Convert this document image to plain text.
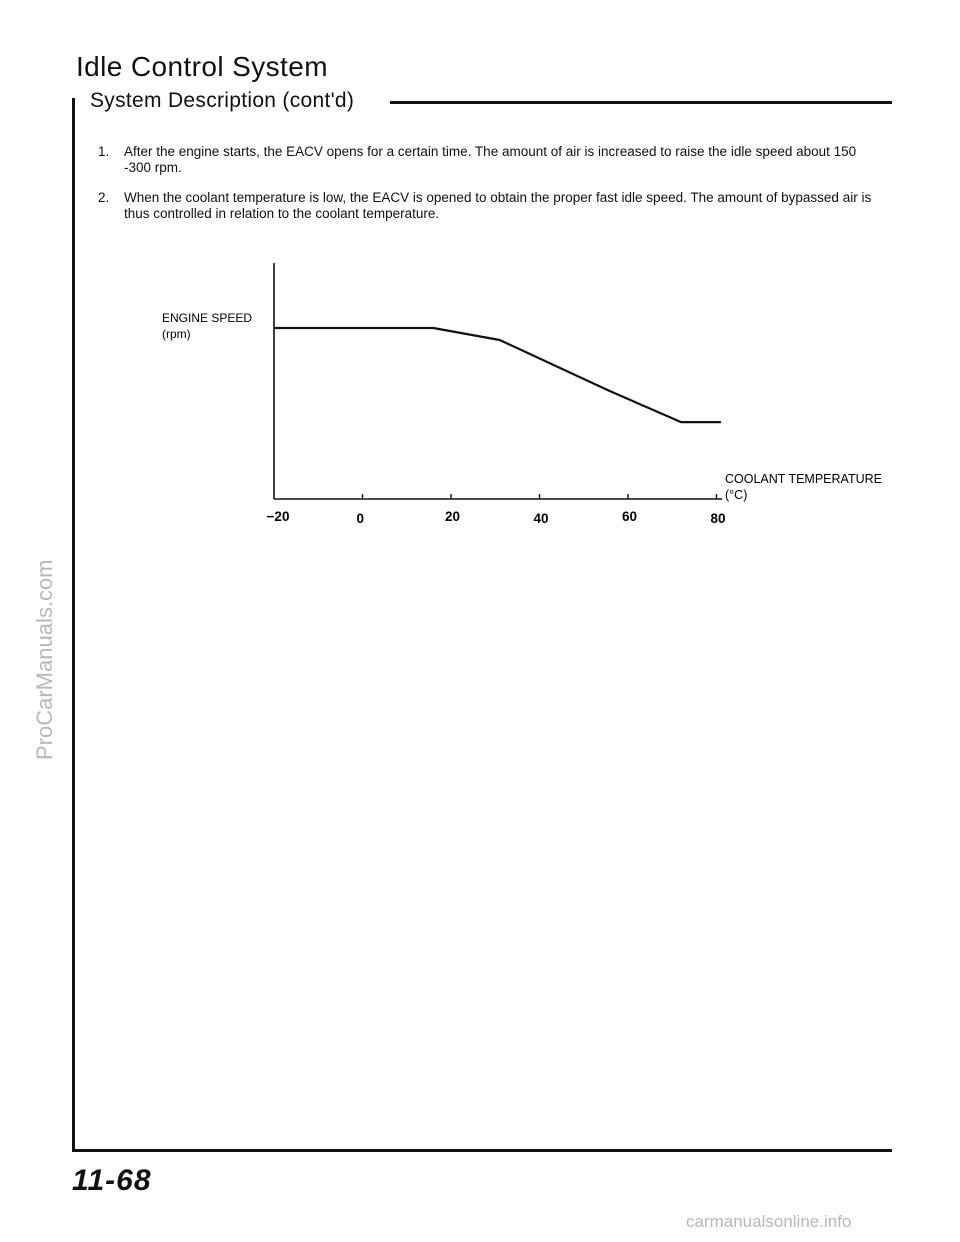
Idle Control System
System Description (cont'd)
1. After the engine starts, the EACV opens for a certain time. The amount of air is increased to raise the idle speed about 150 -300 rpm.
2. When the coolant temperature is low, the EACV is opened to obtain the proper fast idle speed. The amount of bypassed air is thus controlled in relation to the coolant temperature.
−20	0	20	40	60	80
ENGINE SPEED
(rpm)
COOLANT TEMPERATURE
(°C)
11-68
ProCarManuals.com
carmanualsonline.info
